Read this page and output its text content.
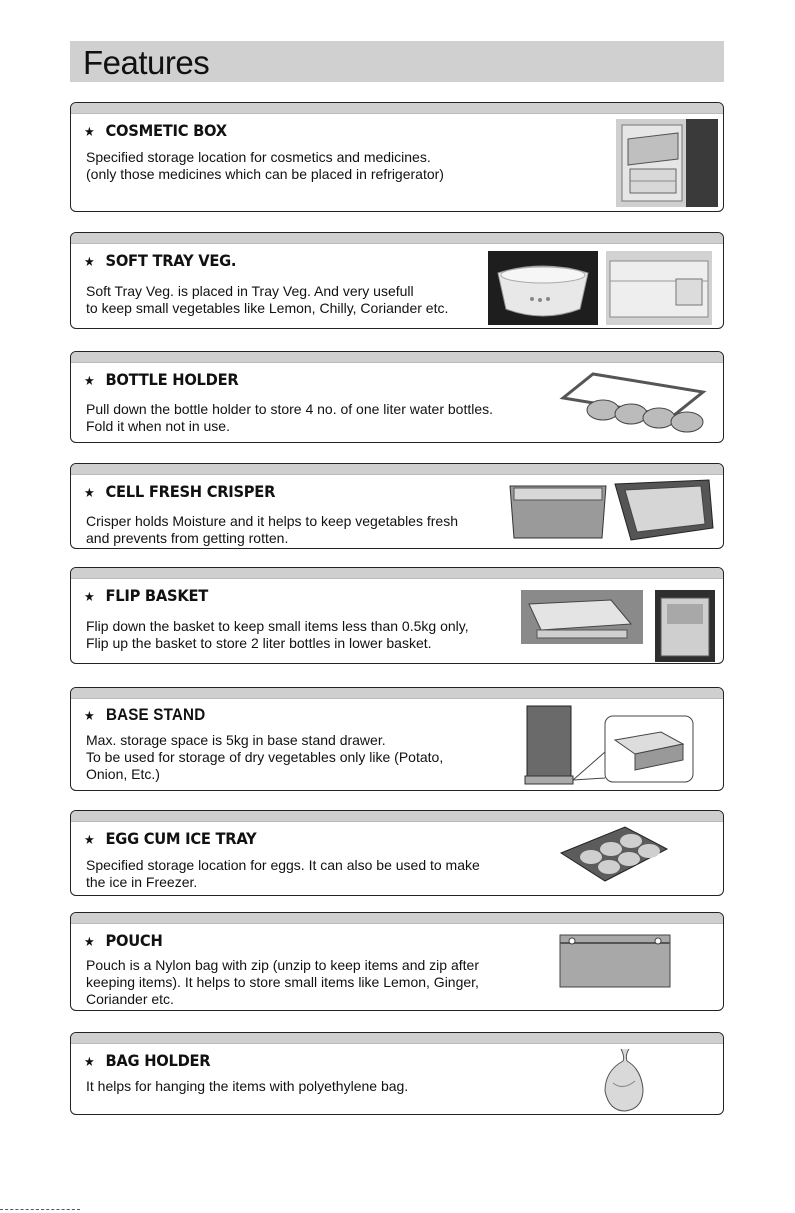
Features
★ COSMETIC BOX
Specified storage location for cosmetics and medicines.
(only those medicines which can be placed in refrigerator)
★ SOFT TRAY VEG.
Soft Tray Veg. is placed in Tray Veg. And very usefull
to keep small vegetables like Lemon, Chilly, Coriander etc.
★ BOTTLE HOLDER
Pull down the bottle holder to store 4 no. of one liter water bottles.
Fold it when not in use.
★ CELL FRESH CRISPER
Crisper holds Moisture and it helps to keep vegetables fresh
and prevents from getting rotten.
★ FLIP BASKET
Flip down the basket to keep small items less than 0.5kg only,
Flip up the basket to store 2 liter bottles in lower basket.
★ BASE STAND
Max. storage space is 5kg in base stand drawer.
To be used for storage of dry vegetables only like (Potato,
Onion, Etc.)
★ EGG CUM ICE TRAY
Specified storage location for eggs. It can also be used to make
the ice in Freezer.
★ POUCH
Pouch is a Nylon bag with zip (unzip to keep items and zip after
keeping items). It helps to store small items like Lemon, Ginger,
Coriander etc.
★ BAG HOLDER
It helps for hanging the items with polyethylene bag.
